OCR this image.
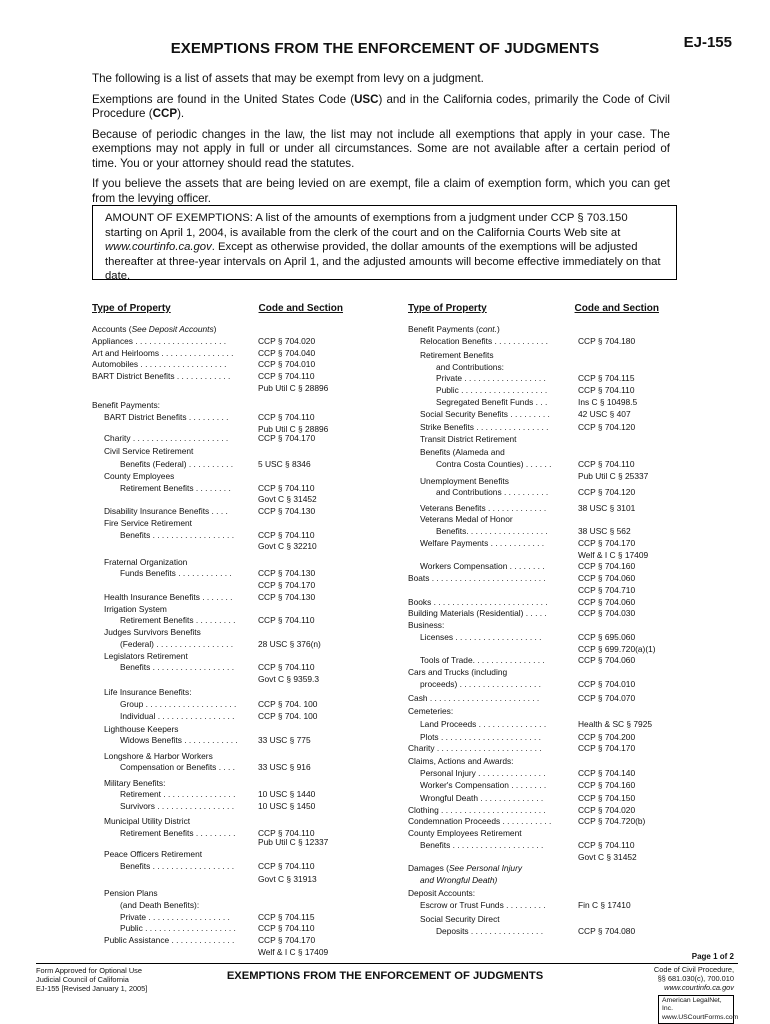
EXEMPTIONS FROM THE ENFORCEMENT OF JUDGMENTS	EJ-155

The following is a list of assets that may be exempt from levy on a judgment.

Exemptions are found in the United States Code (USC) and in the California codes, primarily the Code of Civil Procedure (CCP).

Because of periodic changes in the law, the list may not include all exemptions that apply in your case. The exemptions may not apply in full or under all circumstances. Some are not available after a certain period of time. You or your attorney should read the statutes.

If you believe the assets that are being levied on are exempt, file a claim of exemption form, which you can get from the levying officer.

AMOUNT OF EXEMPTIONS: A list of the amounts of exemptions from a judgment under CCP § 703.150 starting on April 1, 2004, is available from the clerk of the court and on the California Courts Web site at www.courtinfo.ca.gov. Except as otherwise provided, the dollar amounts of the exemptions will be adjusted thereafter at three-year intervals on April 1, and the adjusted amounts will become effective immediately on that date.
Type of Property	Code and Section
Accounts (See Deposit Accounts)
Appliances . . . . . . . . . . . . . . . . . . . .	CCP § 704.020
Art and Heirlooms . . . . . . . . . . . . . . . .	CCP § 704.040
Automobiles . . . . . . . . . . . . . . . . . . .	CCP § 704.010
BART District Benefits . . . . . . . . . . . .	CCP § 704.110
Pub Util C § 28896
Benefit Payments:
BART District Benefits . . . . . . . . .	CCP § 704.110
Pub Util C § 28896
Charity . . . . . . . . . . . . . . . . . . . . .	CCP § 704.170
Civil Service Retirement
Benefits (Federal) . . . . . . . . . .	5 USC § 8346
County Employees
Retirement Benefits . . . . . . . .	CCP § 704.110
Govt C § 31452
Disability Insurance Benefits . . . .	CCP § 704.130
Fire Service Retirement
Benefits . . . . . . . . . . . . . . . . . .	CCP § 704.110
Govt C § 32210
Fraternal Organization
Funds Benefits . . . . . . . . . . . .	CCP § 704.130
CCP § 704.170
Health Insurance Benefits . . . . . . .	CCP § 704.130
Irrigation System
Retirement Benefits . . . . . . . . .	CCP § 704.110
Judges Survivors Benefits
(Federal) . . . . . . . . . . . . . . . . .	28 USC § 376(n)
Legislators Retirement
Benefits . . . . . . . . . . . . . . . . . .	CCP § 704.110
Govt C § 9359.3
Life Insurance Benefits:
Group . . . . . . . . . . . . . . . . . . . .	CCP § 704. 100
Individual . . . . . . . . . . . . . . . . .	CCP § 704. 100
Lighthouse Keepers
Widows Benefits . . . . . . . . . . . . 33 USC § 775
Longshore & Harbor Workers
Compensation or Benefits . . . .	33 USC § 916
Military Benefits:
Retirement . . . . . . . . . . . . . . . .	10 USC § 1440
Survivors . . . . . . . . . . . . . . . . .	10 USC § 1450
Municipal Utility District
Retirement Benefits . . . . . . . . .	CCP § 704.110
Pub Util C § 12337
Peace Officers Retirement
Benefits . . . . . . . . . . . . . . . . . .	CCP § 704.110
Govt C § 31913
Pension Plans
(and Death Benefits):
Private . . . . . . . . . . . . . . . . . .	CCP § 704.115
Public . . . . . . . . . . . . . . . . . . . .	CCP § 704.110
Public Assistance . . . . . . . . . . . . . .	CCP § 704.170
Welf & I C § 17409
Type of Property	Code and Section
Benefit Payments (cont.)
Relocation Benefits . . . . . . . . . . . .	CCP § 704.180
Retirement Benefits
and Contributions:
Private . . . . . . . . . . . . . . . . . .	CCP § 704.115
Public . . . . . . . . . . . . . . . . . . .	CCP § 704.110
Segregated Benefit Funds . . .	Ins C § 10498.5
Social Security Benefits . . . . . . . . .	42 USC § 407
Strike Benefits . . . . . . . . . . . . . . . .	CCP § 704.120
Transit District Retirement
Benefits (Alameda and
Contra Costa Counties) . . . . . .	CCP § 704.110
Pub Util C § 25337
Unemployment Benefits
and Contributions . . . . . . . . . .	CCP § 704.120
Veterans Benefits . . . . . . . . . . . . .	38 USC § 3101
Veterans Medal of Honor
Benefits. . . . . . . . . . . . . . . . . .	38 USC § 562
Welfare Payments . . . . . . . . . . . .	CCP § 704.170
Welf & I C § 17409
Workers Compensation . . . . . . . .	CCP § 704.160
Boats . . . . . . . . . . . . . . . . . . . . . . . . .	CCP § 704.060
CCP § 704.710
Books . . . . . . . . . . . . . . . . . . . . . . . . .	CCP § 704.060
Building Materials (Residential) . . . . .	CCP § 704.030
Business:
Licenses . . . . . . . . . . . . . . . . . . .	CCP § 695.060
CCP § 699.720(a)(1)
Tools of Trade. . . . . . . . . . . . . . . .	CCP § 704.060
Cars and Trucks (including
proceeds) . . . . . . . . . . . . . . . . . .	CCP § 704.010
Cash . . . . . . . . . . . . . . . . . . . . . . . .	CCP § 704.070
Cemeteries:
Land Proceeds . . . . . . . . . . . . . . .	Health & SC § 7925
Plots . . . . . . . . . . . . . . . . . . . . . .	CCP § 704.200
Charity . . . . . . . . . . . . . . . . . . . . . . .	CCP § 704.170
Claims, Actions and Awards:
Personal Injury . . . . . . . . . . . . . . .	CCP § 704.140
Worker's Compensation . . . . . . . .	CCP § 704.160
Wrongful Death . . . . . . . . . . . . . .	CCP § 704.150
Clothing . . . . . . . . . . . . . . . . . . . . . . .	CCP § 704.020
Condemnation Proceeds . . . . . . . . . . .	CCP § 704.720(b)
County Employees Retirement
Benefits . . . . . . . . . . . . . . . . . . . .	CCP § 704.110
Govt C § 31452
Damages (See Personal Injury
and Wrongful Death)
Deposit Accounts:
Escrow or Trust Funds . . . . . . . . .	Fin C § 17410
Social Security Direct
Deposits . . . . . . . . . . . . . . . .	CCP § 704.080
Page 1 of 2
Form Approved for Optional Use
Judicial Council of California
EJ-155 [Revised January 1, 2005]
EXEMPTIONS FROM THE ENFORCEMENT OF JUDGMENTS
Code of Civil Procedure,
§§ 681.030(c), 700.010
www.courtinfo.ca.gov
American LegalNet, Inc.
www.USCourtForms.com
